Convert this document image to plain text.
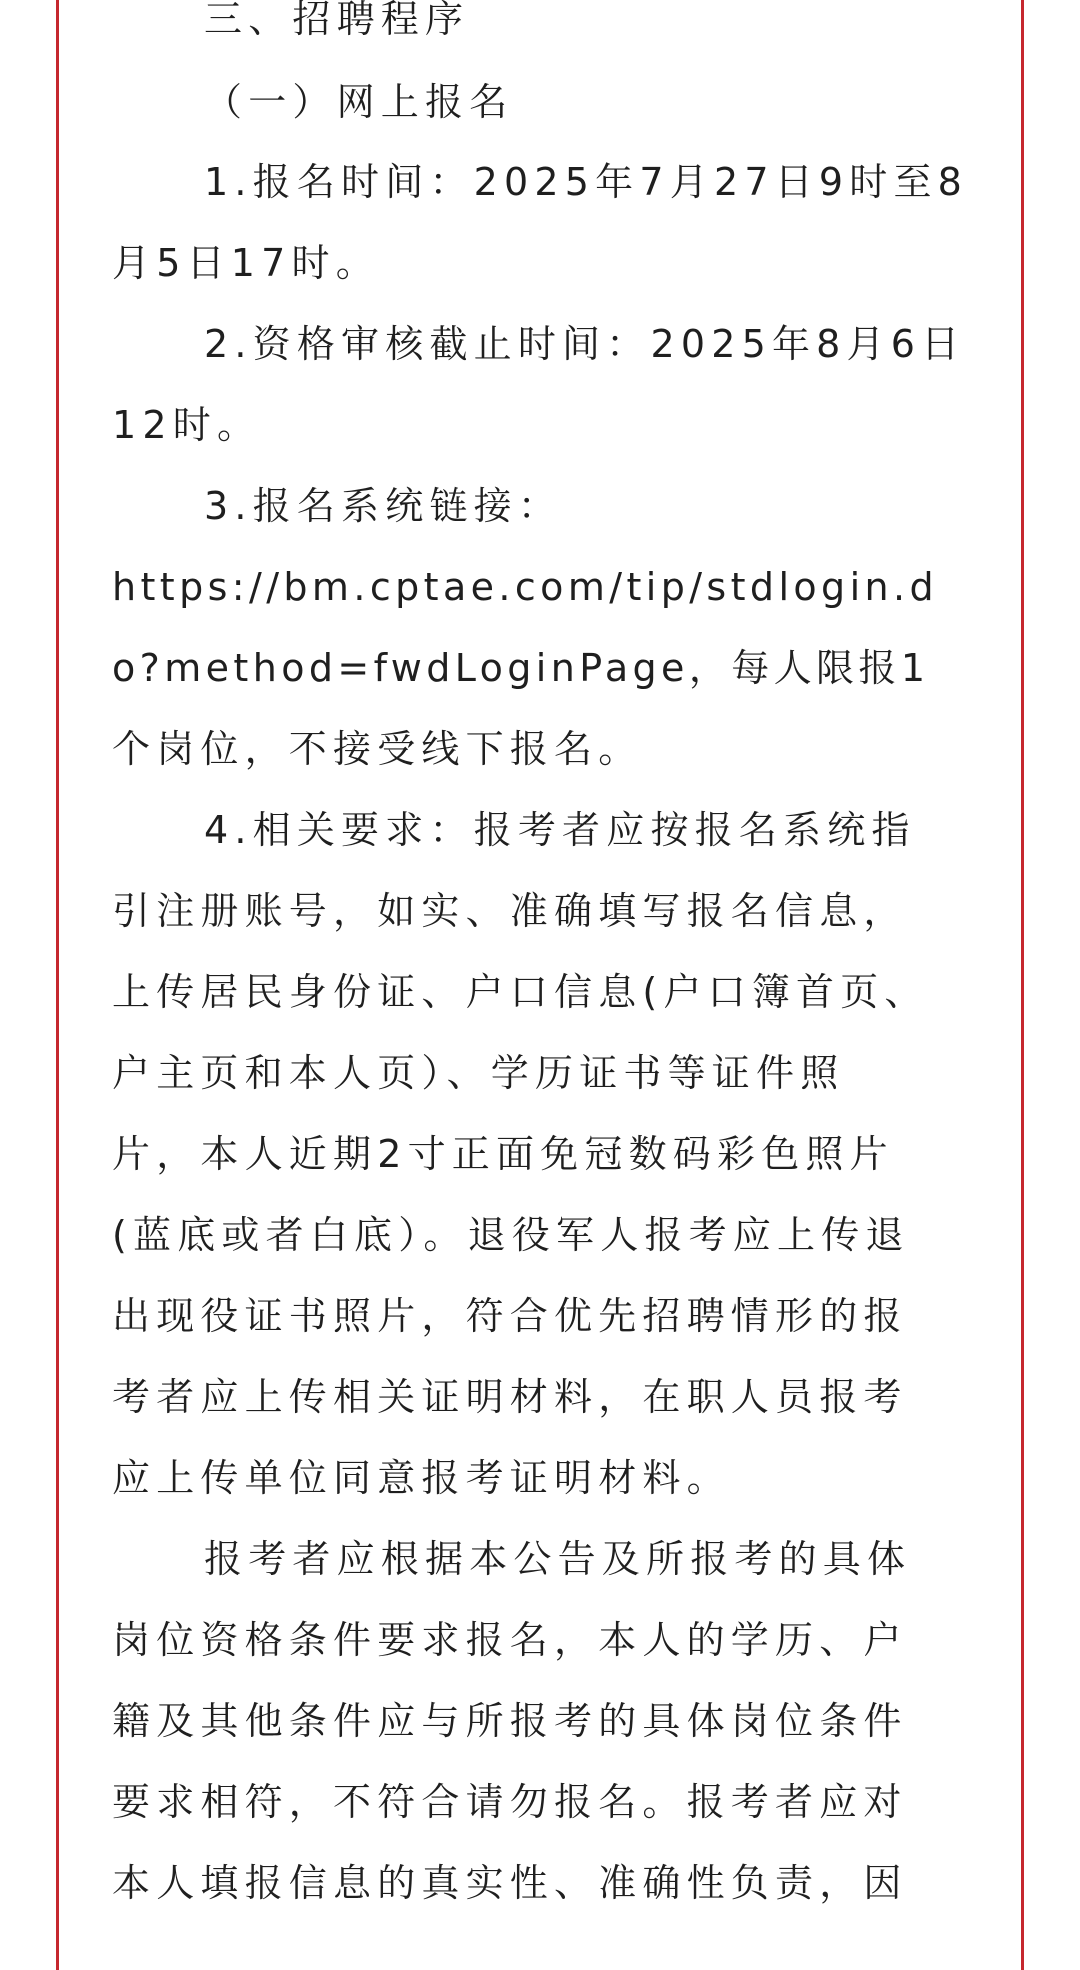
三、招聘程序
（一）网上报名
1.报名时间：2025年7月27日9时至8
月5日17时。
2.资格审核截止时间：2025年8月6日
12时。
3.报名系统链接：
https://bm.cptae.com/tip/stdlogin.d
o?method=fwdLoginPage，每人限报1
个岗位，不接受线下报名。
4.相关要求：报考者应按报名系统指
引注册账号，如实、准确填写报名信息，
上传居民身份证、户口信息(户口簿首页、
户主页和本人页）、学历证书等证件照
片，本人近期2寸正面免冠数码彩色照片
(蓝底或者白底）。退役军人报考应上传退
出现役证书照片，符合优先招聘情形的报
考者应上传相关证明材料，在职人员报考
应上传单位同意报考证明材料。
报考者应根据本公告及所报考的具体
岗位资格条件要求报名，本人的学历、户
籍及其他条件应与所报考的具体岗位条件
要求相符，不符合请勿报名。报考者应对
本人填报信息的真实性、准确性负责，因
